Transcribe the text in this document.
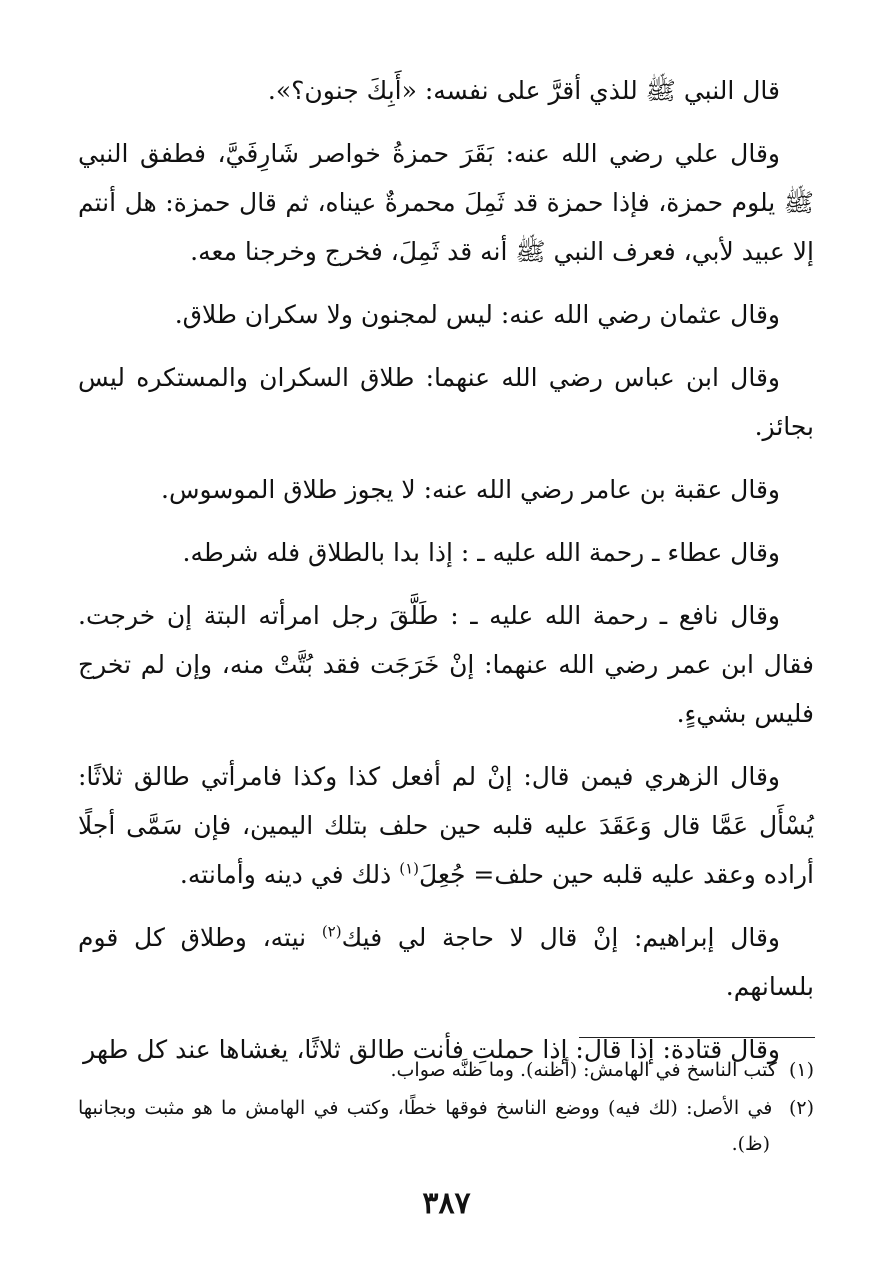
قال النبي ﷺ للذي أقرَّ على نفسه: «أَبِكَ جنون؟».

وقال علي رضي الله عنه: بَقَرَ حمزةُ خواصر شَارِفَيَّ، فطفق النبي ﷺ يلوم حمزة، فإذا حمزة قد ثَمِلَ محمرةٌ عيناه، ثم قال حمزة: هل أنتم إلا عبيد لأبي، فعرف النبي ﷺ أنه قد ثَمِلَ، فخرج وخرجنا معه.

وقال عثمان رضي الله عنه: ليس لمجنون ولا سكران طلاق.

وقال ابن عباس رضي الله عنهما: طلاق السكران والمستكره ليس بجائز.

وقال عقبة بن عامر رضي الله عنه: لا يجوز طلاق الموسوس.

وقال عطاء ـ رحمة الله عليه ـ : إذا بدا بالطلاق فله شرطه.

وقال نافع ـ رحمة الله عليه ـ : طَلَّقَ رجل امرأته البتة إن خرجت. فقال ابن عمر رضي الله عنهما: إنْ خَرَجَت فقد بُتَّتْ منه، وإن لم تخرج فليس بشيءٍ.

وقال الزهري فيمن قال: إنْ لم أفعل كذا وكذا فامرأتي طالق ثلاثًا: يُسْأَل عَمَّا قال وَعَقَدَ عليه قلبه حين حلف بتلك اليمين، فإن سَمَّى أجلًا أراده وعقد عليه قلبه حين حلف= جُعِلَ$^{(١)}$ ذلك في دينه وأمانته.

وقال إبراهيم: إنْ قال لا حاجة لي فيك$^{(٢)}$ نيته، وطلاق كل قوم بلسانهم.

وقال قتادة: إذا قال: إذا حملتِ فأنت طالق ثلاثًا، يغشاها عند كل طهر

(١)  كتب الناسخ في الهامش: (أظنه). وما ظنَّه صواب.

(٢)  في الأصل: (لك فيه) ووضع الناسخ فوقها خطًا، وكتب في الهامش ما هو مثبت وبجانبها (ظ).

٣٨٧
